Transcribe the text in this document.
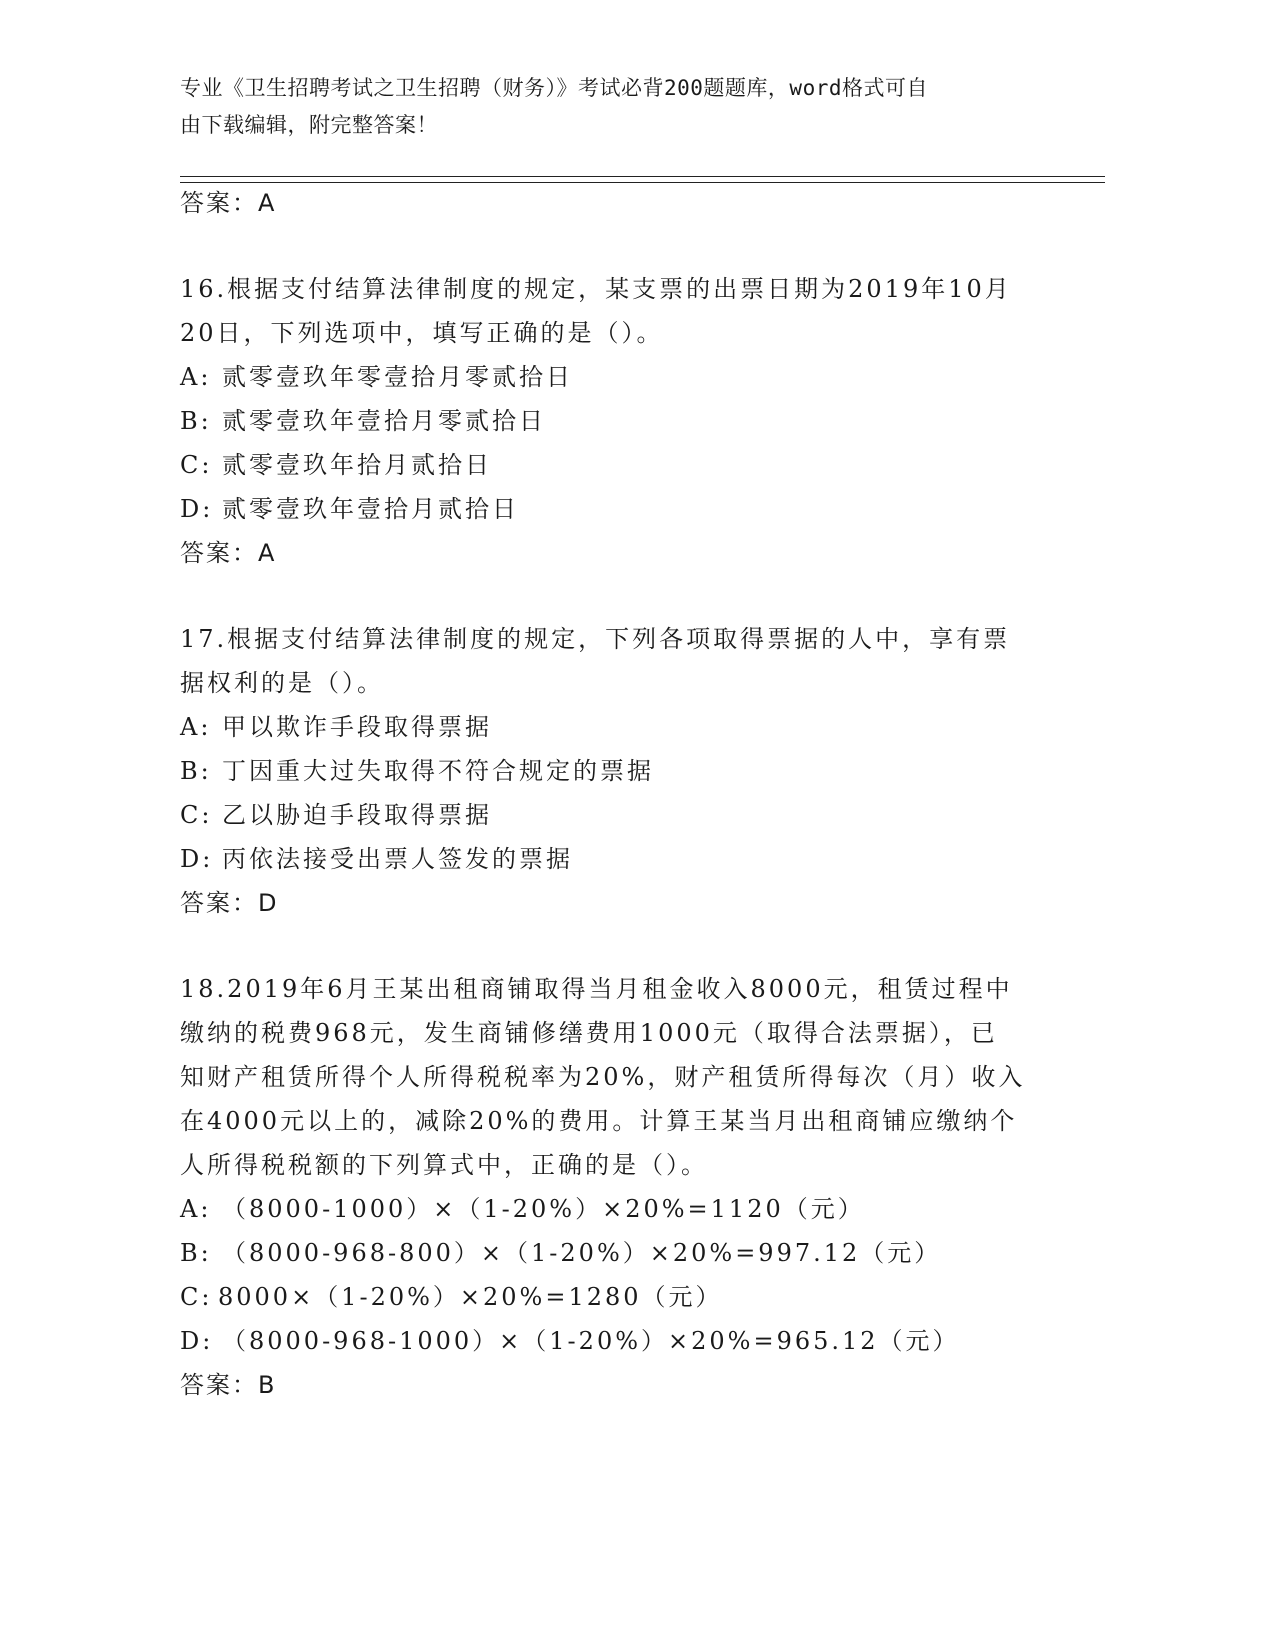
专业《卫生招聘考试之卫生招聘（财务）》考试必背200题题库，word格式可自
由下载编辑，附完整答案！
答案：A
16.根据支付结算法律制度的规定，某支票的出票日期为2019年10月
20日，下列选项中，填写正确的是（）。
A: 贰零壹玖年零壹拾月零贰拾日
B: 贰零壹玖年壹拾月零贰拾日
C: 贰零壹玖年拾月贰拾日
D: 贰零壹玖年壹拾月贰拾日
答案：A
17.根据支付结算法律制度的规定，下列各项取得票据的人中，享有票
据权利的是（）。
A: 甲以欺诈手段取得票据
B: 丁因重大过失取得不符合规定的票据
C: 乙以胁迫手段取得票据
D: 丙依法接受出票人签发的票据
答案：D
18.2019年6月王某出租商铺取得当月租金收入8000元，租赁过程中
缴纳的税费968元，发生商铺修缮费用1000元（取得合法票据），已
知财产租赁所得个人所得税税率为20%，财产租赁所得每次（月）收入
在4000元以上的，减除20%的费用。计算王某当月出租商铺应缴纳个
人所得税税额的下列算式中，正确的是（）。
A: （8000-1000）×（1-20%）×20%=1120（元）
B: （8000-968-800）×（1-20%）×20%=997.12（元）
C: 8000×（1-20%）×20%=1280（元）
D: （8000-968-1000）×（1-20%）×20%=965.12（元）
答案：B
